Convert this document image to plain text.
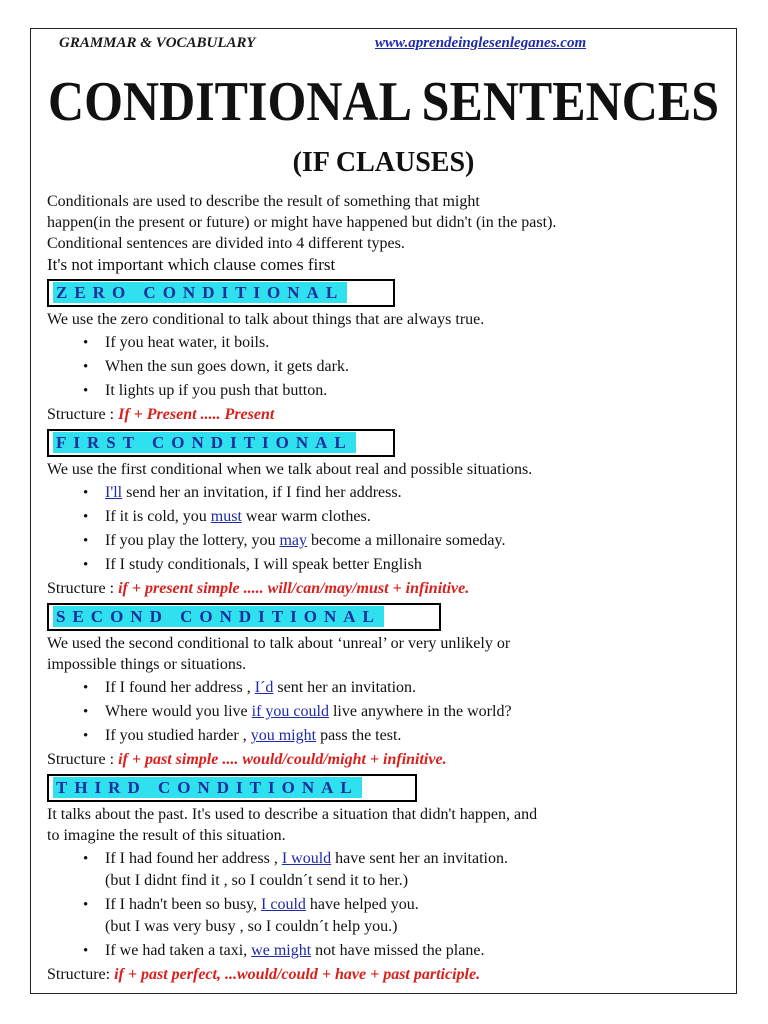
GRAMMAR & VOCABULARY	www.aprendeinglesenleganes.com
CONDITIONAL SENTENCES
(IF CLAUSES)

Conditionals are used to describe the result of something that might

happen(in the present or future) or might have happened but didn't (in the past).

Conditional sentences are divided into 4 different types.

It's not important which clause comes first

ZERO CONDITIONAL

We use the zero conditional to talk about things that are always true.

• If you heat water, it boils.
• When the sun goes down, it gets dark.
• It lights up if you push that button.

Structure : If + Present ..... Present

FIRST CONDITIONAL

We use the first conditional when we talk about real and possible situations.

• I'll send her an invitation, if I find her address.
• If it is cold, you must wear warm clothes.
• If you play the lottery, you may become a millonaire someday.
• If I study conditionals, I will speak better English

Structure : if + present simple ..... will/can/may/must + infinitive.

SECOND CONDITIONAL

We used the second conditional to talk about ‘unreal’ or very unlikely or
impossible things or situations.

• If I found her address , I´d sent her an invitation.
• Where would you live if you could live anywhere in the world?
• If you studied harder , you might pass the test.

Structure : if + past simple .... would/could/might + infinitive.

THIRD CONDITIONAL

It talks about the past. It's used to describe a situation that didn't happen, and
to imagine the result of this situation.

• If I had found her address , I would have sent her an invitation.
(but I didnt find it , so I couldn´t send it to her.)
• If I hadn't been so busy, I could have helped you.
(but I was very busy , so I couldn´t help you.)
• If we had taken a taxi, we might not have missed the plane.

Structure: if + past perfect, ...would/could + have + past participle.
